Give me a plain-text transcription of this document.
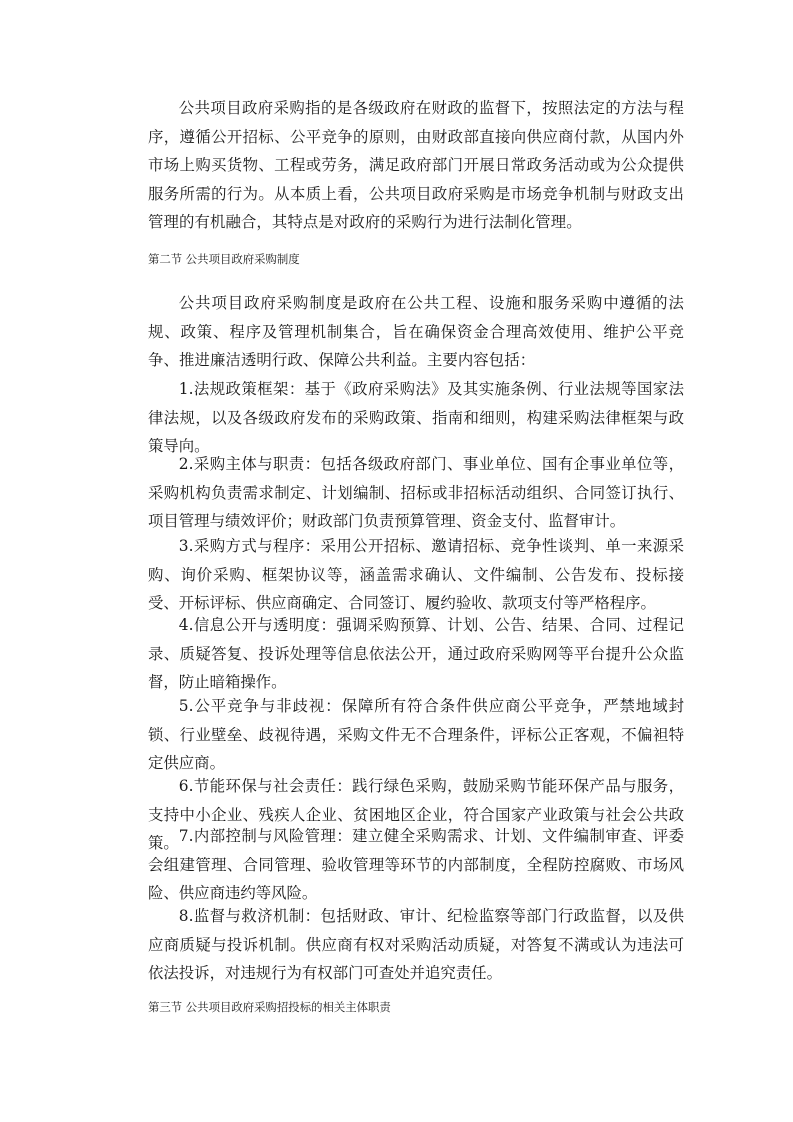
公共项目政府采购指的是各级政府在财政的监督下，按照法定的方法与程序，遵循公开招标、公平竞争的原则，由财政部直接向供应商付款，从国内外市场上购买货物、工程或劳务，满足政府部门开展日常政务活动或为公众提供服务所需的行为。从本质上看，公共项目政府采购是市场竞争机制与财政支出管理的有机融合，其特点是对政府的采购行为进行法制化管理。

第二节 公共项目政府采购制度

公共项目政府采购制度是政府在公共工程、设施和服务采购中遵循的法规、政策、程序及管理机制集合，旨在确保资金合理高效使用、维护公平竞争、推进廉洁透明行政、保障公共利益。主要内容包括：

1.法规政策框架：基于《政府采购法》及其实施条例、行业法规等国家法律法规，以及各级政府发布的采购政策、指南和细则，构建采购法律框架与政策导向。

2.采购主体与职责：包括各级政府部门、事业单位、国有企事业单位等，采购机构负责需求制定、计划编制、招标或非招标活动组织、合同签订执行、项目管理与绩效评价；财政部门负责预算管理、资金支付、监督审计。

3.采购方式与程序：采用公开招标、邀请招标、竞争性谈判、单一来源采购、询价采购、框架协议等，涵盖需求确认、文件编制、公告发布、投标接受、开标评标、供应商确定、合同签订、履约验收、款项支付等严格程序。

4.信息公开与透明度：强调采购预算、计划、公告、结果、合同、过程记录、质疑答复、投诉处理等信息依法公开，通过政府采购网等平台提升公众监督，防止暗箱操作。

5.公平竞争与非歧视：保障所有符合条件供应商公平竞争，严禁地域封锁、行业壁垒、歧视待遇，采购文件无不合理条件，评标公正客观，不偏袒特定供应商。

6.节能环保与社会责任：践行绿色采购，鼓励采购节能环保产品与服务，支持中小企业、残疾人企业、贫困地区企业，符合国家产业政策与社会公共政策。 7.内部控制与风险管理：建立健全采购需求、计划、文件编制审查、评委会组建管理、合同管理、验收管理等环节的内部制度，全程防控腐败、市场风险、供应商违约等风险。

8.监督与救济机制：包括财政、审计、纪检监察等部门行政监督，以及供应商质疑与投诉机制。供应商有权对采购活动质疑，对答复不满或认为违法可依法投诉，对违规行为有权部门可查处并追究责任。

第三节 公共项目政府采购招投标的相关主体职责
